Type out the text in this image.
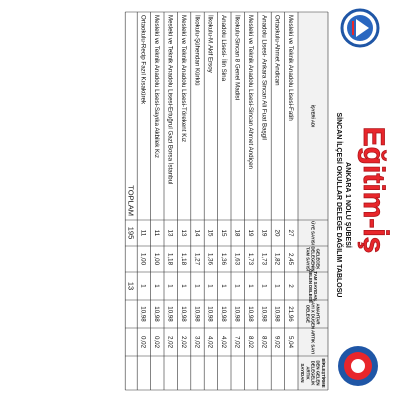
Eğitim-İş
ANKARA 1 NOLU ŞUBESİ
SİNCAN İLÇESİ OKULLAR DELEGE DAĞILIM TABLOSU
İŞYERİ ADI
ÜYE SAYISI
GELECEK
DELEGENİN
TAM SAYISI
TAM SAYIDAN
GELEN DELEGE
ANAHTAR
SAYI X DÜŞEN
DELEGE
ARTIK SAYI
BİRLEŞTİRME
DEN GELEN
DELEGELİK
ARTIK
SAYIDAN
Mesleki ve Teknik Anadolu Lisesi-Fatih
27
2,45
2
21,96
5,04
Ortaokulu-Ahmet Andican
20
1,82
1
10,98
9,02
Anadolu Lisesi- Ankara Sincan Ali Fuat Başgil
19
1,73
1
10,98
8,02
Mesleki ve Teknik Anadolu Lisesi-Sincan Ahmet Andiçen
19
1,73
1
10,98
8,02
İlkokulu-Sincan 8 Genel Madisi
18
1,63
1
10,98
7,02
Anadolu Lisesi- İlin Sina
15
1,36
1
10,98
4,02
İlkokulu-M.Akif Ersoy
15
1,36
1
10,98
4,02
İlkokulu-Şühendan Kürklü
14
1,27
1
10,98
3,02
Mesleki ve Teknik Anadolu Lisesi-Törekent Kız
13
1,18
1
10,98
2,02
Mesleki ve Teknik Anadolu Lisesi-Ertuğrul Gazi Borsa İstanbul
13
1,18
1
10,98
2,02
Mesleki ve Teknik Anadolu Lisesi-Sayıka Akbilek Kız
11
1,00
1
10,98
0,02
Ortaokulu-Recip Fazıl Kısakürek
11
1,00
1
10,98
0,02
TOPLAM
195
13
